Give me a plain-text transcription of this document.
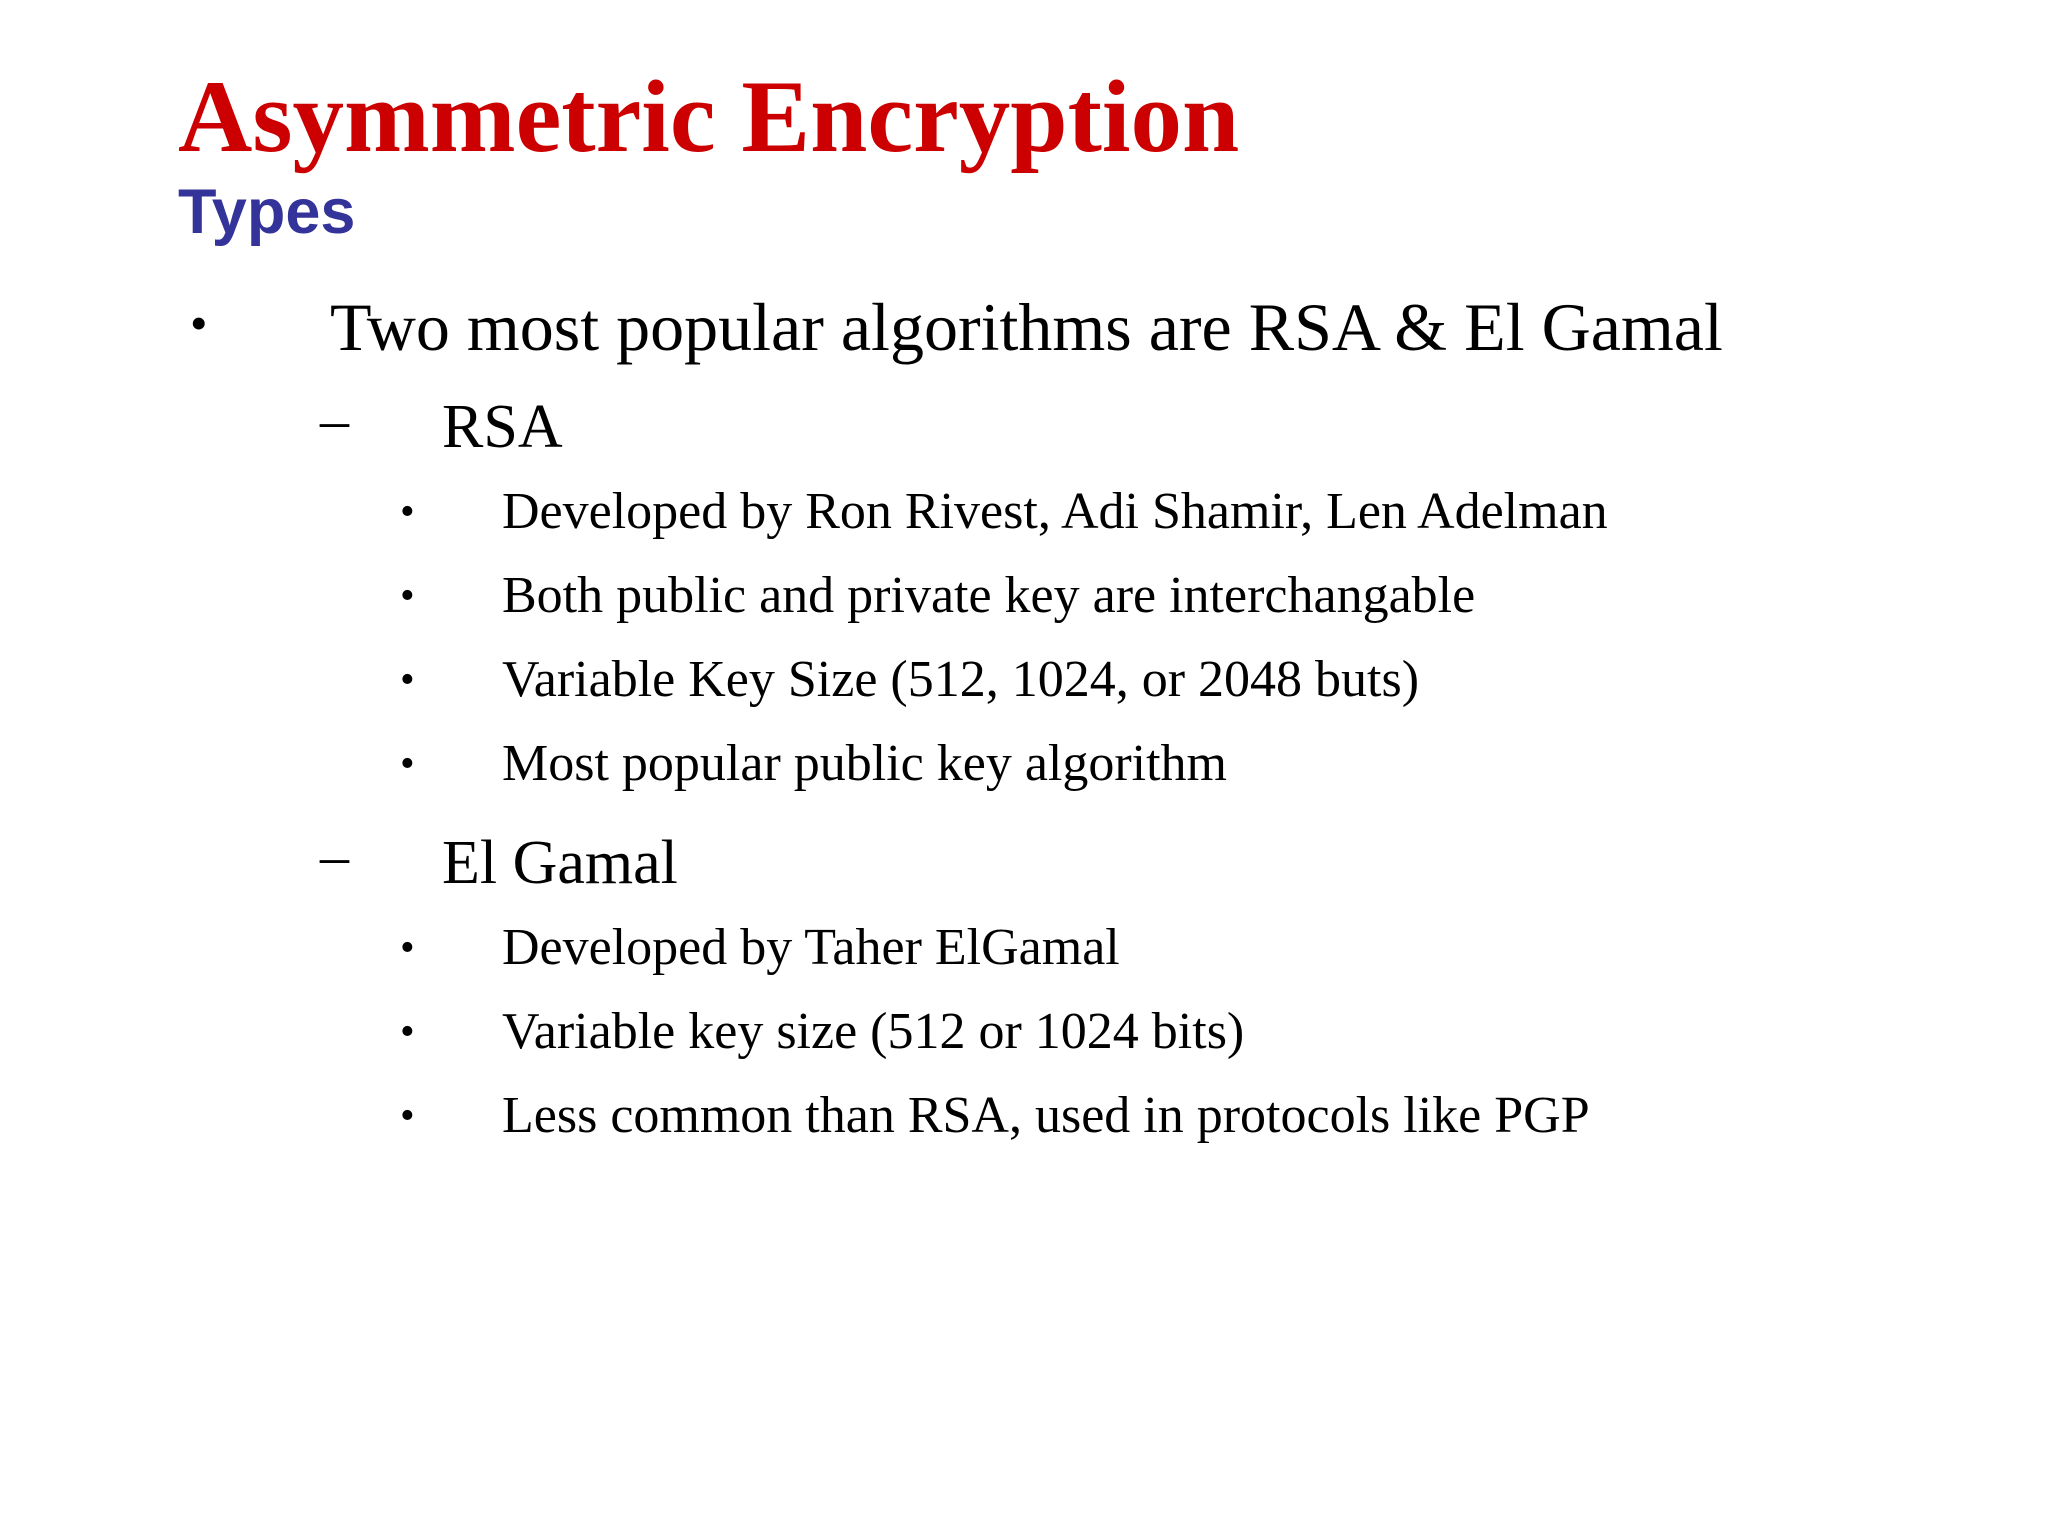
Asymmetric Encryption
Types
• Two most popular algorithms are RSA & El Gamal
– RSA
• Developed by Ron Rivest, Adi Shamir, Len Adelman
• Both public and private key are interchangable
• Variable Key Size (512, 1024, or 2048 buts)
• Most popular public key algorithm
– El Gamal
• Developed by Taher ElGamal
• Variable key size (512 or 1024 bits)
• Less common than RSA, used in protocols like PGP
